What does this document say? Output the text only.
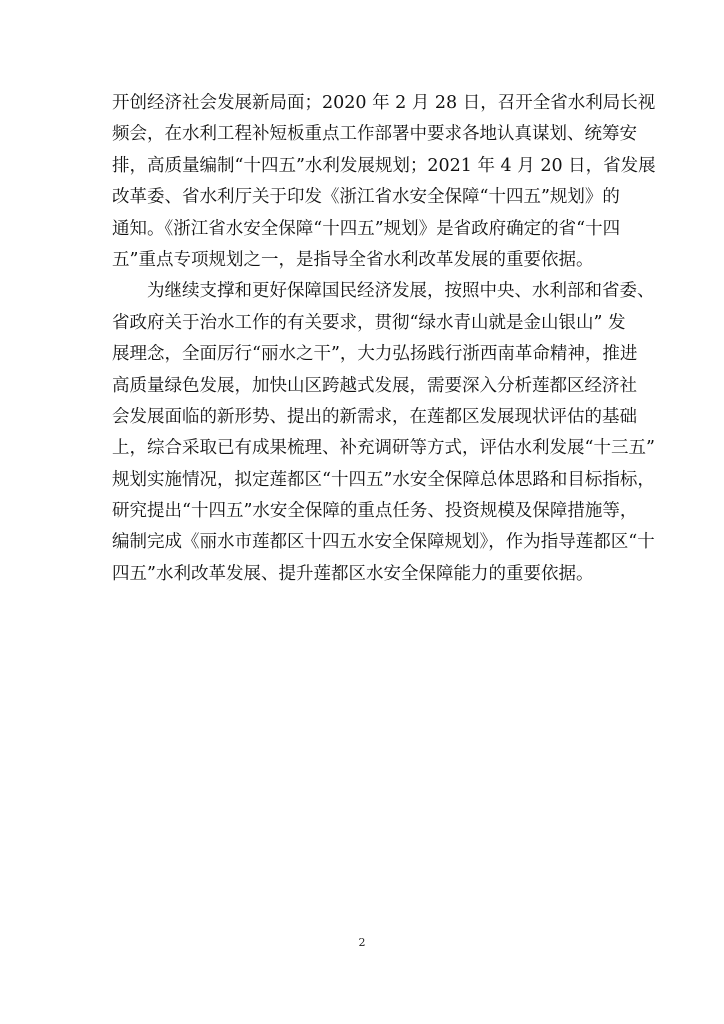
开创经济社会发展新局面；2020 年 2 月 28 日，召开全省水利局长视
频会，在水利工程补短板重点工作部署中要求各地认真谋划、统筹安
排，高质量编制“十四五”水利发展规划；2021 年 4 月 20 日，省发展
改革委、省水利厅关于印发《浙江省水安全保障“十四五”规划》的
通知。《浙江省水安全保障“十四五”规划》是省政府确定的省“十四
五”重点专项规划之一，是指导全省水利改革发展的重要依据。
为继续支撑和更好保障国民经济发展，按照中央、水利部和省委、
省政府关于治水工作的有关要求，贯彻“绿水青山就是金山银山” 发
展理念，全面厉行“丽水之干”，大力弘扬践行浙西南革命精神，推进
高质量绿色发展，加快山区跨越式发展，需要深入分析莲都区经济社
会发展面临的新形势、提出的新需求，在莲都区发展现状评估的基础
上，综合采取已有成果梳理、补充调研等方式，评估水利发展“十三五”
规划实施情况，拟定莲都区“十四五”水安全保障总体思路和目标指标，
研究提出“十四五”水安全保障的重点任务、投资规模及保障措施等，
编制完成《丽水市莲都区十四五水安全保障规划》，作为指导莲都区“十
四五”水利改革发展、提升莲都区水安全保障能力的重要依据。
2
